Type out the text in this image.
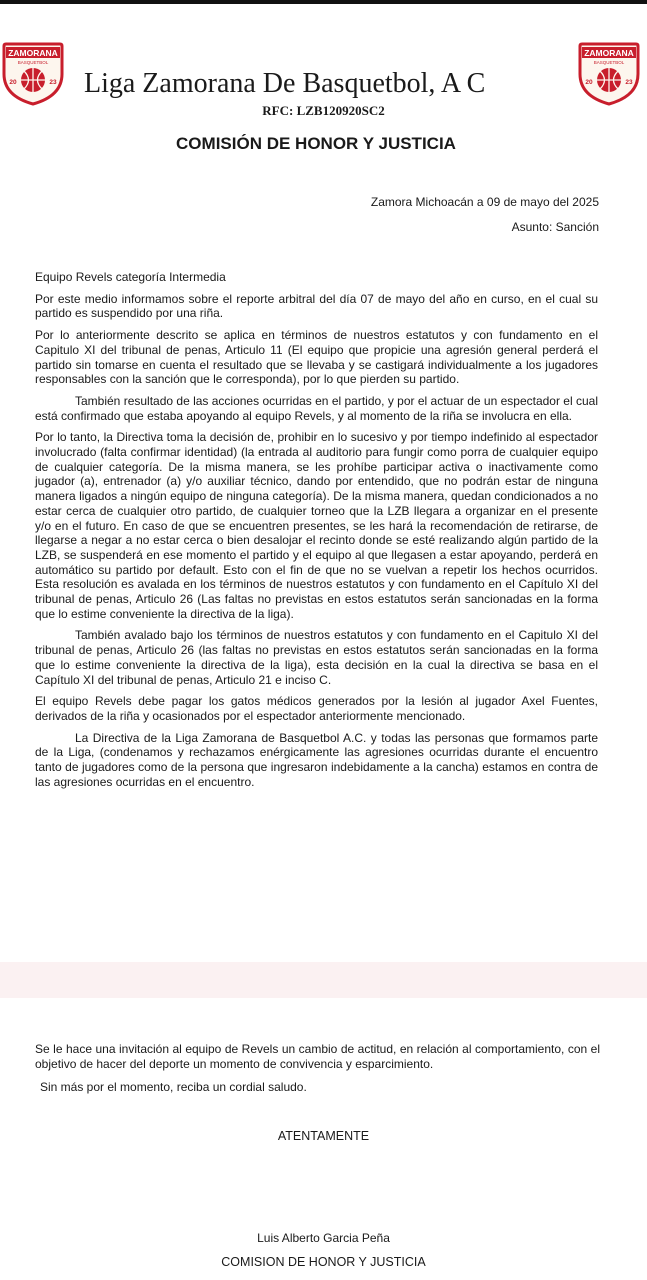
ZAMORANA
BASQUETBOL
20	23
ZAMORANA
BASQUETBOL
20	23
Liga Zamorana De Basquetbol, A C
RFC: LZB120920SC2
COMISIÓN DE HONOR Y JUSTICIA
Zamora Michoacán a 09 de mayo del 2025
Asunto: Sanción

Equipo Revels categoría Intermedia

Por este medio informamos sobre el reporte arbitral del día 07 de mayo del año en curso, en el cual su partido es suspendido por una riña.

Por lo anteriormente descrito se aplica en términos de nuestros estatutos y con fundamento en el Capitulo XI del tribunal de penas, Articulo 11 (El equipo que propicie una agresión general perderá el partido sin tomarse en cuenta el resultado que se llevaba y se castigará individualmente a los jugadores responsables con la sanción que le corresponda), por lo que pierden su partido.

También resultado de las acciones ocurridas en el partido, y por el actuar de un espectador el cual está confirmado que estaba apoyando al equipo Revels, y al momento de la riña se involucra en ella.

Por lo tanto, la Directiva toma la decisión de, prohibir en lo sucesivo y por tiempo indefinido al espectador involucrado (falta confirmar identidad) (la entrada al auditorio para fungir como porra de cualquier equipo de cualquier categoría. De la misma manera, se les prohíbe participar activa o inactivamente como jugador (a), entrenador (a) y/o auxiliar técnico, dando por entendido, que no podrán estar de ninguna manera ligados a ningún equipo de ninguna categoría). De la misma manera, quedan condicionados a no estar cerca de cualquier otro partido, de cualquier torneo que la LZB llegara a organizar en el presente y/o en el futuro. En caso de que se encuentren presentes, se les hará la recomendación de retirarse, de llegarse a negar a no estar cerca o bien desalojar el recinto donde se esté realizando algún partido de la LZB, se suspenderá en ese momento el partido y el equipo al que llegasen a estar apoyando, perderá en automático su partido por default. Esto con el fin de que no se vuelvan a repetir los hechos ocurridos. Esta resolución es avalada en los términos de nuestros estatutos y con fundamento en el Capítulo XI del tribunal de penas, Articulo 26 (Las faltas no previstas en estos estatutos serán sancionadas en la forma que lo estime conveniente la directiva de la liga).

También avalado bajo los términos de nuestros estatutos y con fundamento en el Capitulo XI del tribunal de penas, Articulo 26 (las faltas no previstas en estos estatutos serán sancionadas en la forma que lo estime conveniente la directiva de la liga), esta decisión en la cual la directiva se basa en el Capítulo XI del tribunal de penas, Articulo 21 e inciso C.

El equipo Revels debe pagar los gatos médicos generados por la lesión al jugador Axel Fuentes, derivados de la riña y ocasionados por el espectador anteriormente mencionado.

La Directiva de la Liga Zamorana de Basquetbol A.C. y todas las personas que formamos parte de la Liga, (condenamos y rechazamos enérgicamente las agresiones ocurridas durante el encuentro tanto de jugadores como de la persona que ingresaron indebidamente a la cancha) estamos en contra de las agresiones ocurridas en el encuentro.

Se le hace una invitación al equipo de Revels un cambio de actitud, en relación al comportamiento, con el objetivo de hacer del deporte un momento de convivencia y esparcimiento.
Sin más por el momento, reciba un cordial saludo.
ATENTAMENTE
Luis Alberto Garcia Peña
COMISION DE HONOR Y JUSTICIA
